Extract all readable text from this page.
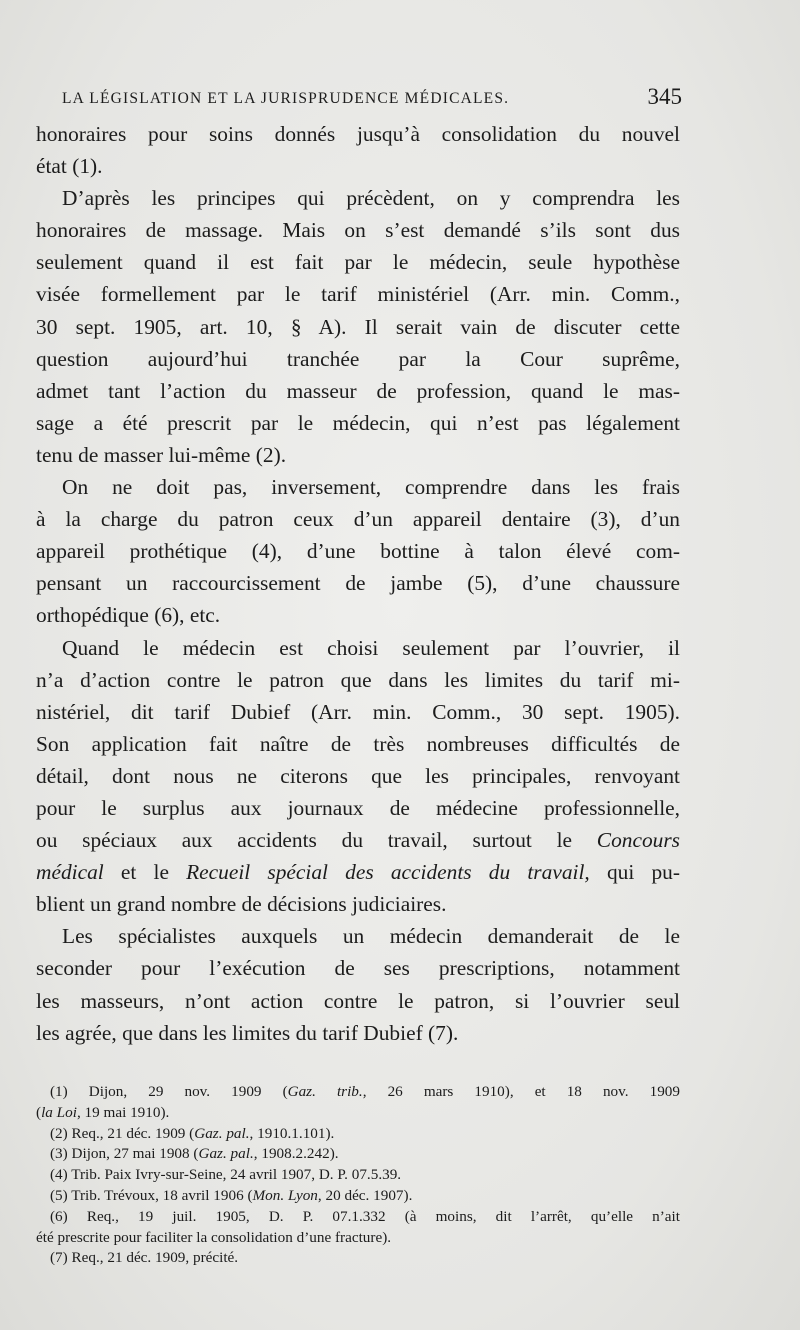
LA LÉGISLATION ET LA JURISPRUDENCE MÉDICALES.	345
honoraires pour soins donnés jusqu’à consolidation du nouvel
état (1).
D’après les principes qui précèdent, on y comprendra les
honoraires de massage. Mais on s’est demandé s’ils sont dus
seulement quand il est fait par le médecin, seule hypothèse
visée formellement par le tarif ministériel (Arr. min. Comm.,
30 sept. 1905, art. 10, § A). Il serait vain de discuter cette
question aujourd’hui tranchée par la Cour suprême,
admet tant l’action du masseur de profession, quand le mas-
sage a été prescrit par le médecin, qui n’est pas légalement
tenu de masser lui-même (2).
On ne doit pas, inversement, comprendre dans les frais
à la charge du patron ceux d’un appareil dentaire (3), d’un
appareil prothétique (4), d’une bottine à talon élevé com-
pensant un raccourcissement de jambe (5), d’une chaussure
orthopédique (6), etc.
Quand le médecin est choisi seulement par l’ouvrier, il
n’a d’action contre le patron que dans les limites du tarif mi-
nistériel, dit tarif Dubief (Arr. min. Comm., 30 sept. 1905).
Son application fait naître de très nombreuses difficultés de
détail, dont nous ne citerons que les principales, renvoyant
pour le surplus aux journaux de médecine professionnelle,
ou spéciaux aux accidents du travail, surtout le Concours
médical et le Recueil spécial des accidents du travail, qui pu-
blient un grand nombre de décisions judiciaires.
Les spécialistes auxquels un médecin demanderait de le
seconder pour l’exécution de ses prescriptions, notamment
les masseurs, n’ont action contre le patron, si l’ouvrier seul
les agrée, que dans les limites du tarif Dubief (7).
(1) Dijon, 29 nov. 1909 (Gaz. trib., 26 mars 1910), et 18 nov. 1909
(la Loi, 19 mai 1910).
(2) Req., 21 déc. 1909 (Gaz. pal., 1910.1.101).
(3) Dijon, 27 mai 1908 (Gaz. pal., 1908.2.242).
(4) Trib. Paix Ivry-sur-Seine, 24 avril 1907, D. P. 07.5.39.
(5) Trib. Trévoux, 18 avril 1906 (Mon. Lyon, 20 déc. 1907).
(6) Req., 19 juil. 1905, D. P. 07.1.332 (à moins, dit l’arrêt, qu’elle n’ait
été prescrite pour faciliter la consolidation d’une fracture).
(7) Req., 21 déc. 1909, précité.
